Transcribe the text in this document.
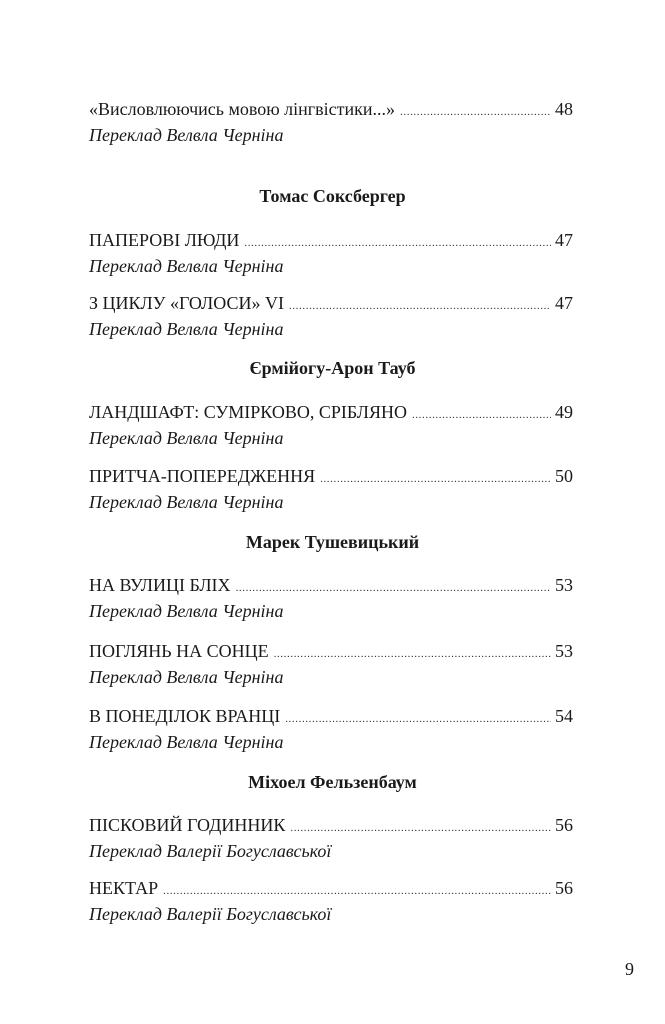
«Висловлюючись мовою лінгвістики...» .....	48
Переклад Велвла Черніна
Томас Соксбергер
ПАПЕРОВІ ЛЮДИ .....	47
Переклад Велвла Черніна
З ЦИКЛУ «ГОЛОСИ» VI .....	47
Переклад Велвла Черніна
Єрмійогу-Арон Тауб
ЛАНДШАФТ: СУМІРКОВО, СРІБЛЯНО .....	49
Переклад Велвла Черніна
ПРИТЧА-ПОПЕРЕДЖЕННЯ .....	50
Переклад Велвла Черніна
Марек Тушевицький
НА ВУЛИЦІ БЛІХ .....	53
Переклад Велвла Черніна
ПОГЛЯНЬ НА СОНЦЕ .....	53
Переклад Велвла Черніна
В ПОНЕДІЛОК ВРАНЦІ .....	54
Переклад Велвла Черніна
Міхоел Фельзенбаум
ПІСКОВИЙ ГОДИННИК .....	56
Переклад Валерії Богуславської
НЕКТАР .....	56
Переклад Валерії Богуславської
9
